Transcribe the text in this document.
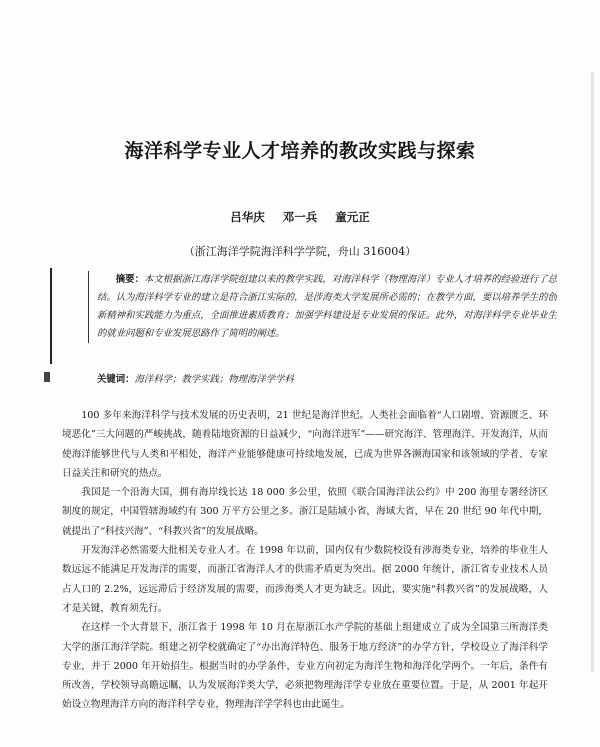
海洋科学专业人才培养的教改实践与探索
吕华庆 邓一兵 童元正
（浙江海洋学院海洋科学学院，舟山 316004）
摘要：本文根据浙江海洋学院组建以来的教学实践，对海洋科学（物理海洋）专业人才培养的经验进行了总结。认为海洋科学专业的建立是符合浙江实际的，是涉海类大学发展所必需的；在教学方面，要以培养学生的创新精神和实践能力为重点，全面推进素质教育；加强学科建设是专业发展的保证。此外，对海洋科学专业毕业生的就业问题和专业发展思路作了简明的阐述。
关键词：海洋科学；教学实践；物理海洋学学科

100 多年来海洋科学与技术发展的历史表明，21 世纪是海洋世纪。人类社会面临着“人口剧增、资源匮乏、环境恶化”三大问题的严峻挑战，随着陆地资源的日益减少，“向海洋进军”——研究海洋、管理海洋、开发海洋，从而使海洋能够世代与人类和平相处，海洋产业能够健康可持续地发展，已成为世界各濒海国家和该领域的学者、专家日益关注和研究的热点。

我国是一个沿海大国，拥有海岸线长达 18 000 多公里，依照《联合国海洋法公约》中 200 海里专署经济区制度的规定，中国管辖海域约有 300 万平方公里之多。浙江是陆域小省，海域大省，早在 20 世纪 90 年代中期，就提出了“科技兴海”、“科教兴省”的发展战略。

开发海洋必然需要大批相关专业人才。在 1998 年以前，国内仅有少数院校设有涉海类专业，培养的毕业生人数远远不能满足开发海洋的需要，而浙江省海洋人才的供需矛盾更为突出。据 2000 年统计，浙江省专业技术人员占人口的 2.2%，远远滞后于经济发展的需要，而涉海类人才更为缺乏。因此，要实施“科教兴省”的发展战略，人才是关键，教育须先行。

在这样一个大背景下，浙江省于 1998 年 10 月在原浙江水产学院的基础上组建成立了成为全国第三所海洋类大学的浙江海洋学院。组建之初学校就确定了“办出海洋特色、服务于地方经济”的办学方针，学校设立了海洋科学专业，并于 2000 年开始招生。根据当时的办学条件，专业方向初定为海洋生物和海洋化学两个。一年后，条件有所改善，学校领导高瞻远瞩，认为发展海洋类大学，必须把物理海洋学专业放在重要位置。于是，从 2001 年起开始设立物理海洋方向的海洋科学专业，物理海洋学学科也由此诞生。
